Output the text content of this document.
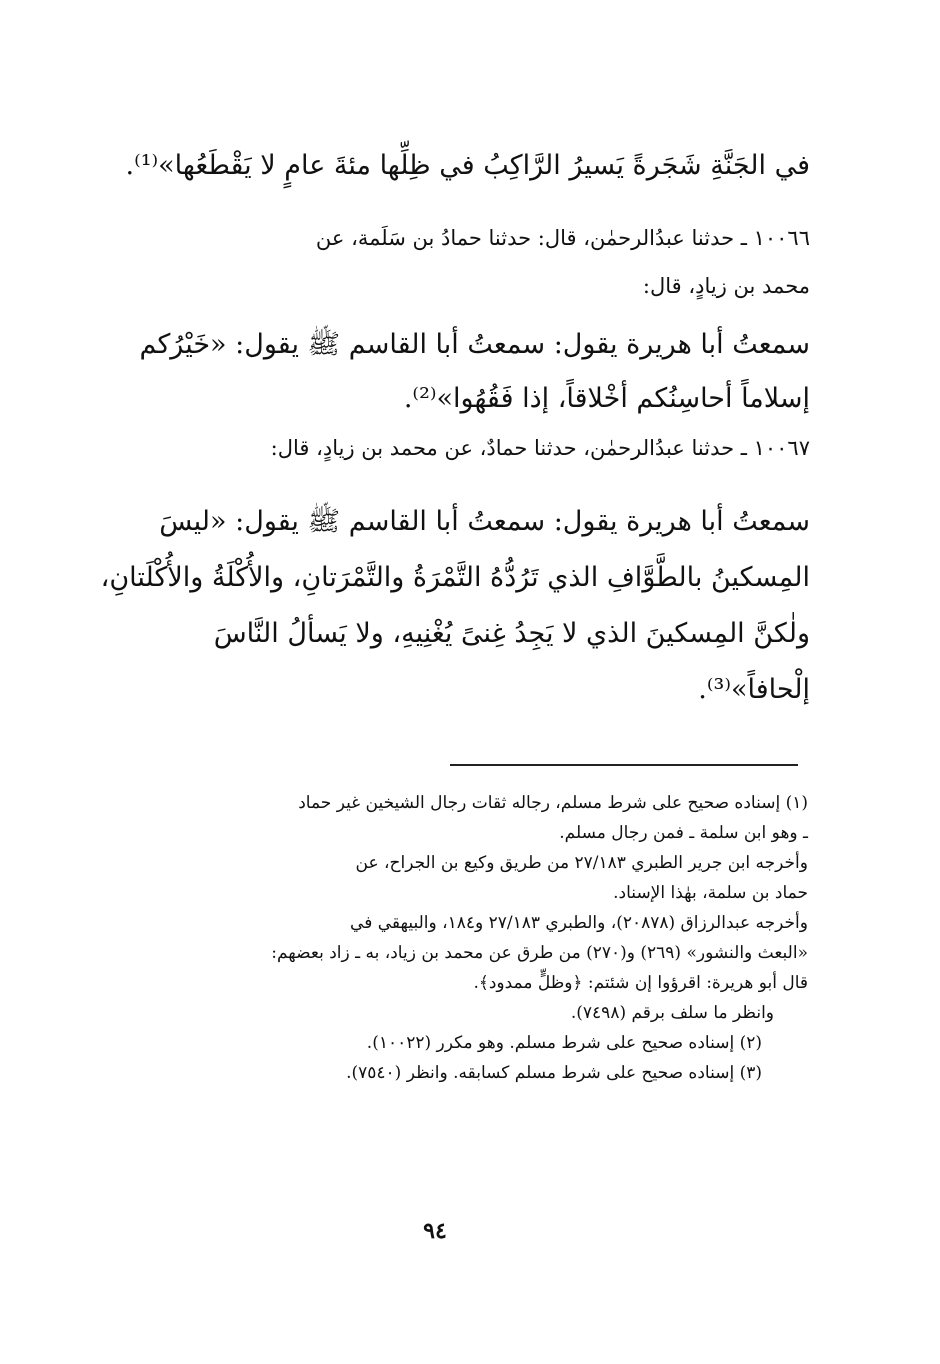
في الجَنَّةِ شَجَرةً يَسيرُ الرَّاكِبُ في ظِلِّها مئةَ عامٍ لا يَقْطَعُها»⁽¹⁾.
١٠٠٦٦ ـ حدثنا عبدُالرحمٰن، قال: حدثنا حمادُ بن سَلَمة، عن
محمد بن زيادٍ، قال:
سمعتُ أبا هريرة يقول: سمعتُ أبا القاسم ﷺ يقول: «خَيْرُكم
إسلاماً أحاسِنُكم أخْلاقاً، إذا فَقُهُوا»⁽²⁾.
١٠٠٦٧ ـ حدثنا عبدُالرحمٰن، حدثنا حمادٌ، عن محمد بن زيادٍ، قال:
سمعتُ أبا هريرة يقول: سمعتُ أبا القاسم ﷺ يقول: «ليسَ
المِسكينُ بالطَّوَّافِ الذي تَرُدُّهُ التَّمْرَةُ والتَّمْرَتانِ، والأُكْلَةُ والأُكْلَتانِ،
ولٰكنَّ المِسكينَ الذي لا يَجِدُ غِنىً يُغْنِيهِ، ولا يَسألُ النَّاسَ
إلْحافاً»⁽³⁾.
(١) إسناده صحيح على شرط مسلم، رجاله ثقات رجال الشيخين غير حماد
ـ وهو ابن سلمة ـ فمن رجال مسلم.
وأخرجه ابن جرير الطبري ٢٧/١٨٣ من طريق وكيع بن الجراح، عن
حماد بن سلمة، بهٰذا الإسناد.
وأخرجه عبدالرزاق (٢٠٨٧٨)، والطبري ٢٧/١٨٣ و١٨٤، والبيهقي في
«البعث والنشور» (٢٦٩) و(٢٧٠) من طرق عن محمد بن زياد، به ـ زاد بعضهم:
قال أبو هريرة: اقرؤوا إن شئتم: ﴿وظلٍّ ممدود﴾.
وانظر ما سلف برقم (٧٤٩٨).
(٢) إسناده صحيح على شرط مسلم. وهو مكرر (١٠٠٢٢).
(٣) إسناده صحيح على شرط مسلم كسابقه. وانظر (٧٥٤٠).
٩٤
